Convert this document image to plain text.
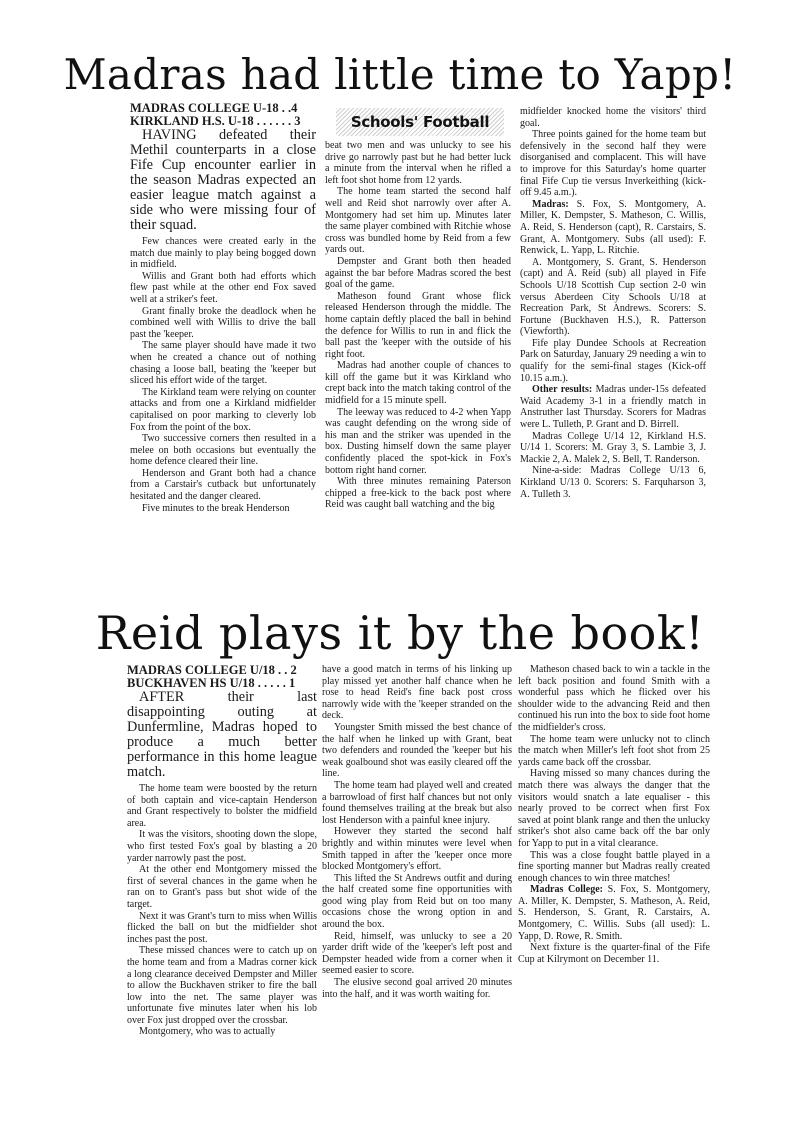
Madras had little time to Yapp!
Schools' Football
MADRAS COLLEGE U-18 . .4
KIRKLAND H.S. U-18 . . . . . . 3

HAVING defeated their Methil counterparts in a close Fife Cup encounter earlier in the season Madras expected an easier league match against a side who were missing four of their squad.

Few chances were created early in the match due mainly to play being bogged down in midfield.

Willis and Grant both had efforts which flew past while at the other end Fox saved well at a striker's feet.

Grant finally broke the deadlock when he combined well with Willis to drive the ball past the 'keeper.

The same player should have made it two when he created a chance out of nothing chasing a loose ball, beating the 'keeper but sliced his effort wide of the target.

The Kirkland team were relying on counter attacks and from one a Kirkland midfielder capitalised on poor marking to cleverly lob Fox from the point of the box.

Two successive corners then resulted in a melee on both occasions but eventually the home defence cleared their line.

Henderson and Grant both had a chance from a Carstair's cutback but unfortunately hesitated and the danger cleared.

Five minutes to the break Henderson

beat two men and was unlucky to see his drive go narrowly past but he had better luck a minute from the interval when he rifled a left foot shot home from 12 yards.

The home team started the second half well and Reid shot narrowly over after A. Montgomery had set him up. Minutes later the same player combined with Ritchie whose cross was bundled home by Reid from a few yards out.

Dempster and Grant both then headed against the bar before Madras scored the best goal of the game.

Matheson found Grant whose flick released Henderson through the middle. The home captain deftly placed the ball in behind the defence for Willis to run in and flick the ball past the 'keeper with the outside of his right foot.

Madras had another couple of chances to kill off the game but it was Kirkland who crept back into the match taking control of the midfield for a 15 minute spell.

The leeway was reduced to 4-2 when Yapp was caught defending on the wrong side of his man and the striker was upended in the box. Dusting himself down the same player confidently placed the spot-kick in Fox's bottom right hand corner.

With three minutes remaining Paterson chipped a free-kick to the back post where Reid was caught ball watching and the big

midfielder knocked home the visitors' third goal.

Three points gained for the home team but defensively in the second half they were disorganised and complacent. This will have to improve for this Saturday's home quarter final Fife Cup tie versus Inverkeithing (kick-off 9.45 a.m.).

Madras: S. Fox, S. Montgomery, A. Miller, K. Dempster, S. Matheson, C. Willis, A. Reid, S. Henderson (capt), R. Carstairs, S. Grant, A. Montgomery. Subs (all used): F. Renwick, L. Yapp, L. Ritchie.

A. Montgomery, S. Grant, S. Henderson (capt) and A. Reid (sub) all played in Fife Schools U/18 Scottish Cup section 2-0 win versus Aberdeen City Schools U/18 at Recreation Park, St Andrews. Scorers: S. Fortune (Buckhaven H.S.), R. Patterson (Viewforth).

Fife play Dundee Schools at Recreation Park on Saturday, January 29 needing a win to qualify for the semi-final stages (Kick-off 10.15 a.m.).

Other results: Madras under-15s defeated Waid Academy 3-1 in a friendly match in Anstruther last Thursday. Scorers for Madras were L. Tulleth, P. Grant and D. Birrell.

Madras College U/14 12, Kirkland H.S. U/14 1. Scorers: M. Gray 3, S. Lambie 3, J. Mackie 2, A. Malek 2, S. Bell, T. Randerson.

Nine-a-side: Madras College U/13 6, Kirkland U/13 0. Scorers: S. Farquharson 3, A. Tulleth 3.

Reid plays it by the book!
MADRAS COLLEGE U/18 . . 2
BUCKHAVEN HS U/18 . . . . . 1

AFTER their last disappointing outing at Dunfermline, Madras hoped to produce a much better performance in this home league match.

The home team were boosted by the return of both captain and vice-captain Henderson and Grant respectively to bolster the midfield area.

It was the visitors, shooting down the slope, who first tested Fox's goal by blasting a 20 yarder narrowly past the post.

At the other end Montgomery missed the first of several chances in the game when he ran on to Grant's pass but shot wide of the target.

Next it was Grant's turn to miss when Willis flicked the ball on but the midfielder shot inches past the post.

These missed chances were to catch up on the home team and from a Madras corner kick a long clearance deceived Dempster and Miller to allow the Buckhaven striker to fire the ball low into the net. The same player was unfortunate five minutes later when his lob over Fox just dropped over the crossbar.

Montgomery, who was to actually

have a good match in terms of his linking up play missed yet another half chance when he rose to head Reid's fine back post cross narrowly wide with the 'keeper stranded on the deck.

Youngster Smith missed the best chance of the half when he linked up with Grant, beat two defenders and rounded the 'keeper but his weak goalbound shot was easily cleared off the line.

The home team had played well and created a barrowload of first half chances but not only found themselves trailing at the break but also lost Henderson with a painful knee injury.

However they started the second half brightly and within minutes were level when Smith tapped in after the 'keeper once more blocked Montgomery's effort.

This lifted the St Andrews outfit and during the half created some fine opportunities with good wing play from Reid but on too many occasions chose the wrong option in and around the box.

Reid, himself, was unlucky to see a 20 yarder drift wide of the 'keeper's left post and Dempster headed wide from a corner when it seemed easier to score.

The elusive second goal arrived 20 minutes into the half, and it was worth waiting for.

Matheson chased back to win a tackle in the left back position and found Smith with a wonderful pass which he flicked over his shoulder wide to the advancing Reid and then continued his run into the box to side foot home the midfielder's cross.

The home team were unlucky not to clinch the match when Miller's left foot shot from 25 yards came back off the crossbar.

Having missed so many chances during the match there was always the danger that the visitors would snatch a late equaliser - this nearly proved to be correct when first Fox saved at point blank range and then the unlucky striker's shot also came back off the bar only for Yapp to put in a vital clearance.

This was a close fought battle played in a fine sporting manner but Madras really created enough chances to win three matches!

Madras College: S. Fox, S. Montgomery, A. Miller, K. Dempster, S. Matheson, A. Reid, S. Henderson, S. Grant, R. Carstairs, A. Montgomery, C. Willis. Subs (all used): L. Yapp, D. Rowe, R. Smith.

Next fixture is the quarter-final of the Fife Cup at Kilrymont on December 11.
